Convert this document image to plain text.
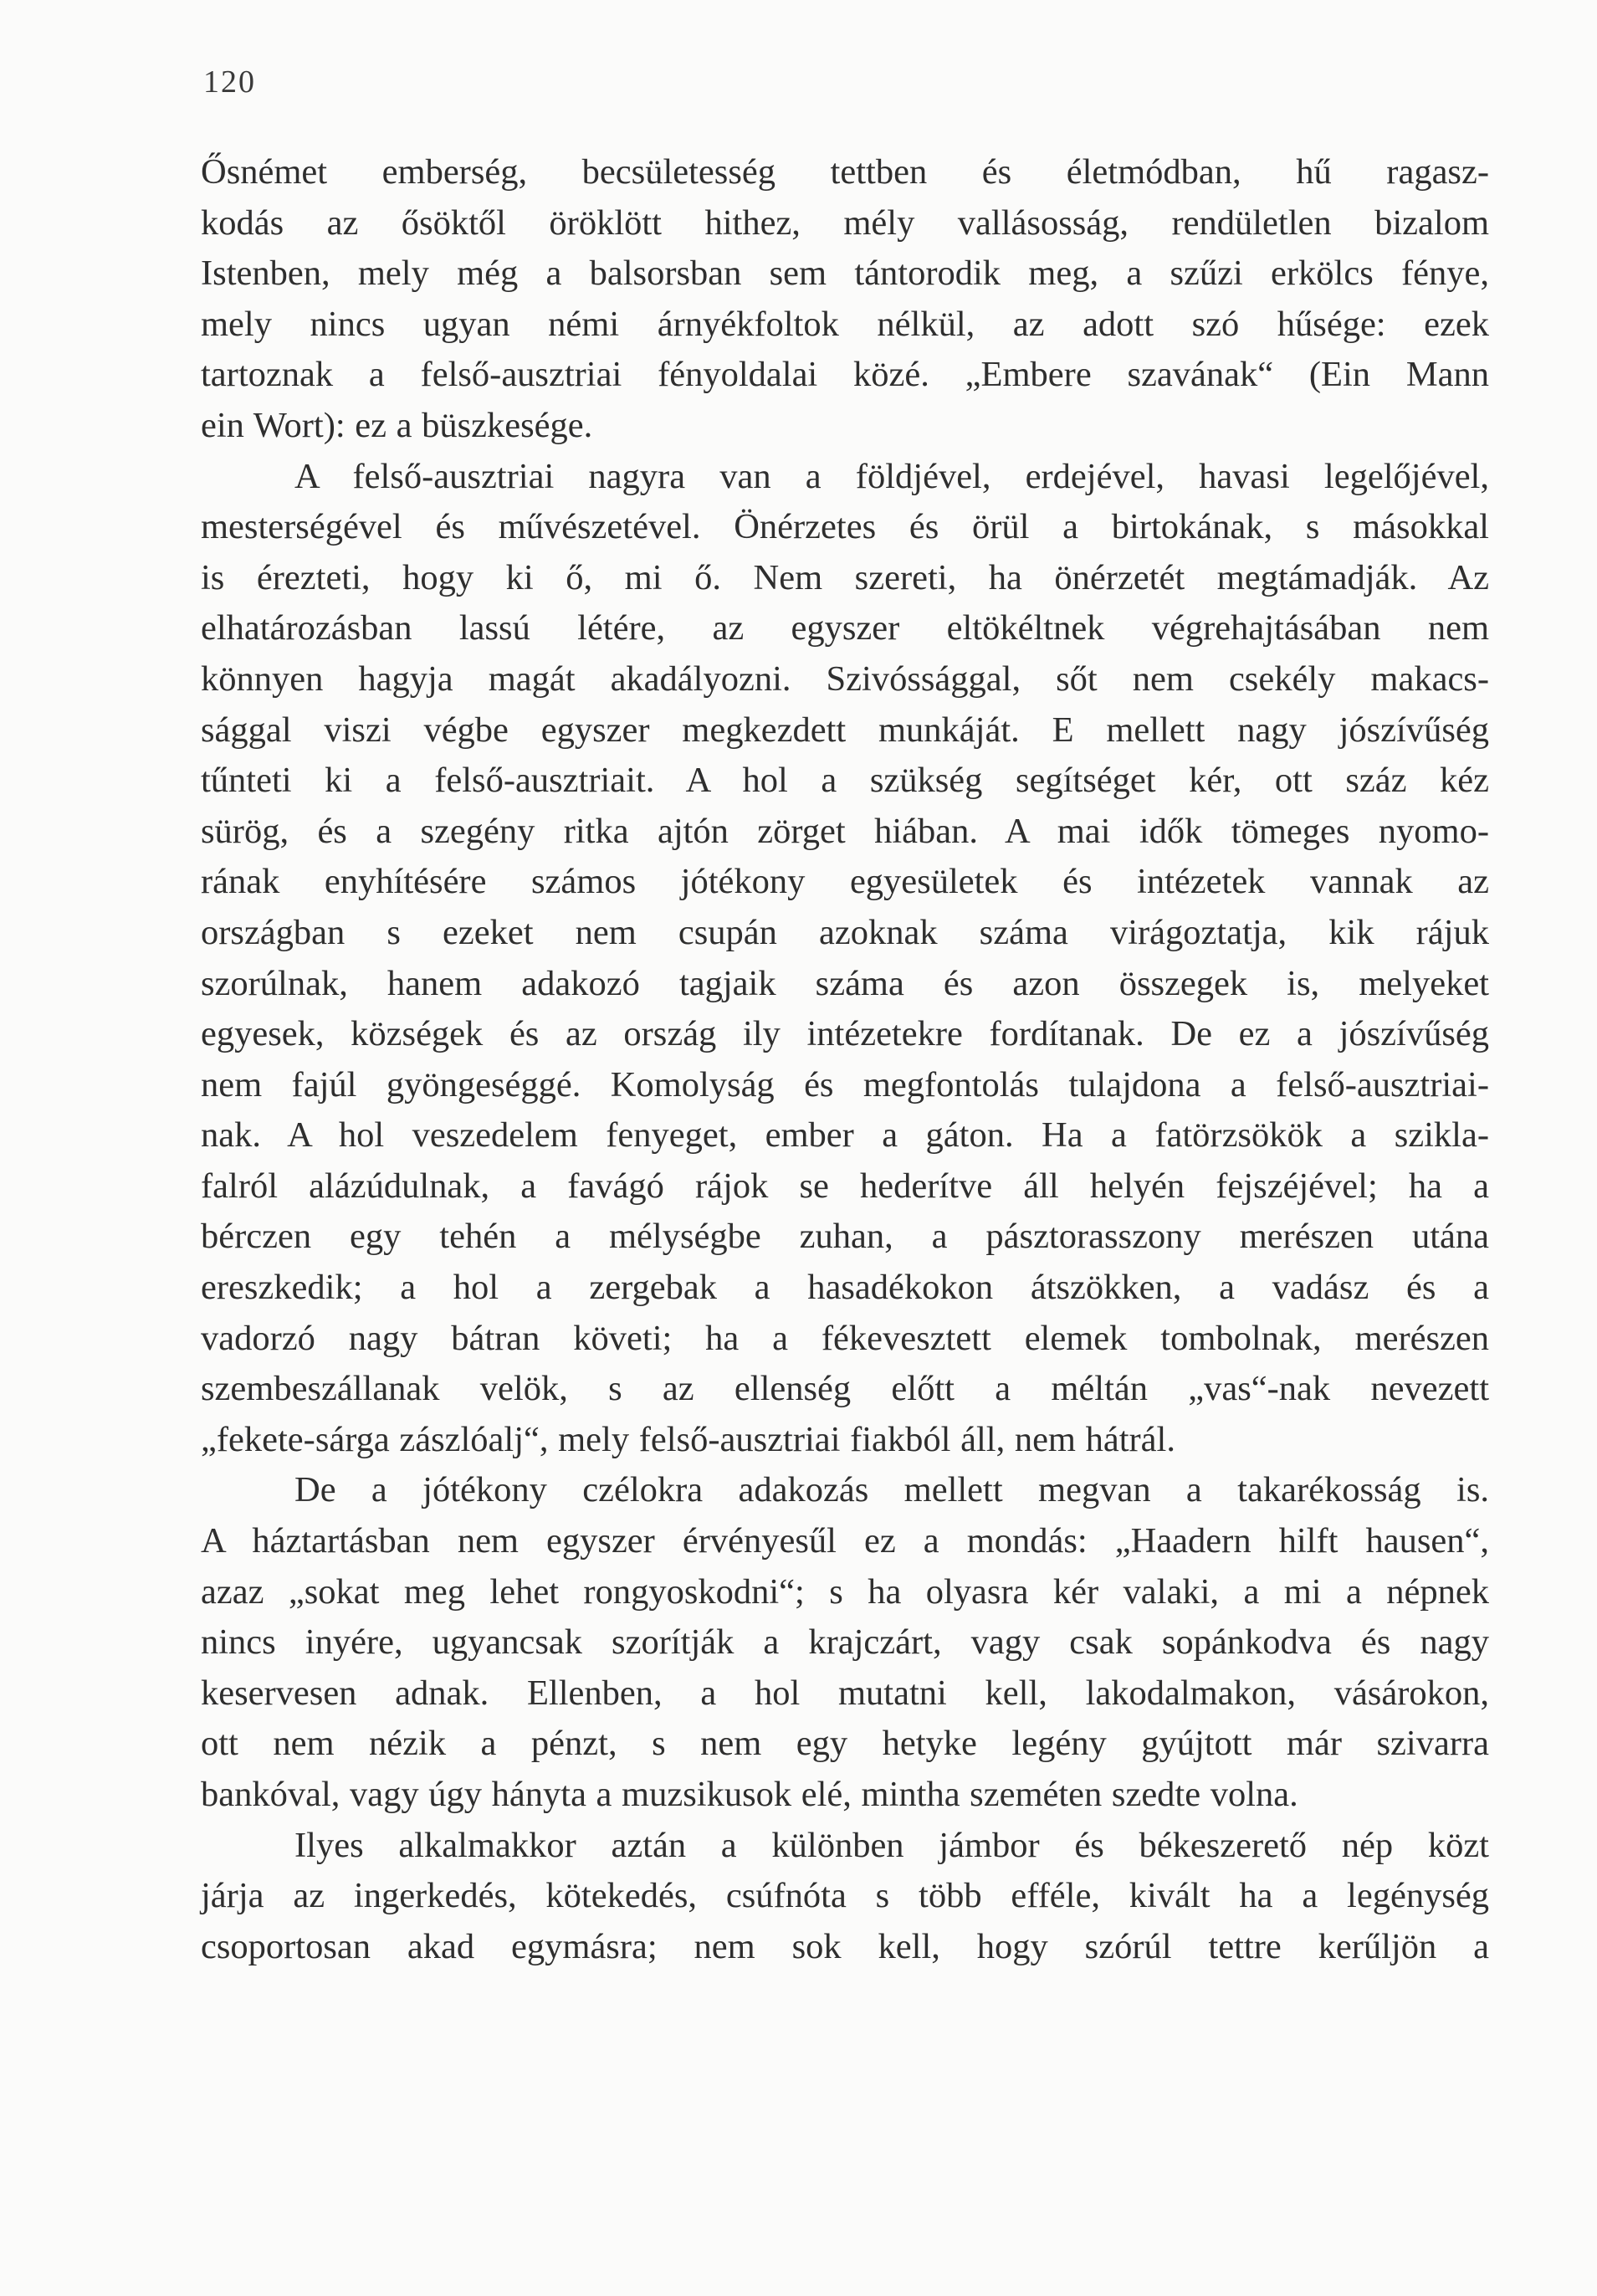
120
Ősnémet emberség, becsületesség tettben és életmódban, hű ragasz-
kodás az ősöktől öröklött hithez, mély vallásosság, rendületlen bizalom
Istenben, mely még a balsorsban sem tántorodik meg, a szűzi erkölcs fénye,
mely nincs ugyan némi árnyékfoltok nélkül, az adott szó hűsége: ezek
tartoznak a felső-ausztriai fényoldalai közé. „Embere szavának“ (Ein Mann
ein Wort): ez a büszkesége.
A felső-ausztriai nagyra van a földjével, erdejével, havasi legelőjével,
mesterségével és művészetével. Önérzetes és örül a birtokának, s másokkal
is érezteti, hogy ki ő, mi ő. Nem szereti, ha önérzetét megtámadják. Az
elhatározásban lassú létére, az egyszer eltökéltnek végrehajtásában nem
könnyen hagyja magát akadályozni. Szivóssággal, sőt nem csekély makacs-
sággal viszi végbe egyszer megkezdett munkáját. E mellett nagy jószívűség
tűnteti ki a felső-ausztriait. A hol a szükség segítséget kér, ott száz kéz
sürög, és a szegény ritka ajtón zörget hiában. A mai idők tömeges nyomo-
rának enyhítésére számos jótékony egyesületek és intézetek vannak az
országban s ezeket nem csupán azoknak száma virágoztatja, kik rájuk
szorúlnak, hanem adakozó tagjaik száma és azon összegek is, melyeket
egyesek, községek és az ország ily intézetekre fordítanak. De ez a jószívűség
nem fajúl gyöngeséggé. Komolyság és megfontolás tulajdona a felső-ausztriai-
nak. A hol veszedelem fenyeget, ember a gáton. Ha a fatörzsökök a szikla-
falról alázúdulnak, a favágó rájok se hederítve áll helyén fejszéjével; ha a
bérczen egy tehén a mélységbe zuhan, a pásztorasszony merészen utána
ereszkedik; a hol a zergebak a hasadékokon átszökken, a vadász és a
vadorzó nagy bátran követi; ha a fékevesztett elemek tombolnak, merészen
szembeszállanak velök, s az ellenség előtt a méltán „vas“-nak nevezett
„fekete-sárga zászlóalj“, mely felső-ausztriai fiakból áll, nem hátrál.
De a jótékony czélokra adakozás mellett megvan a takarékosság is.
A háztartásban nem egyszer érvényesűl ez a mondás: „Haadern hilft hausen“,
azaz „sokat meg lehet rongyoskodni“; s ha olyasra kér valaki, a mi a népnek
nincs inyére, ugyancsak szorítják a krajczárt, vagy csak sopánkodva és nagy
keservesen adnak. Ellenben, a hol mutatni kell, lakodalmakon, vásárokon,
ott nem nézik a pénzt, s nem egy hetyke legény gyújtott már szivarra
bankóval, vagy úgy hányta a muzsikusok elé, mintha szeméten szedte volna.
Ilyes alkalmakkor aztán a különben jámbor és békeszerető nép közt
járja az ingerkedés, kötekedés, csúfnóta s több efféle, kivált ha a legénység
csoportosan akad egymásra; nem sok kell, hogy szórúl tettre kerűljön a
